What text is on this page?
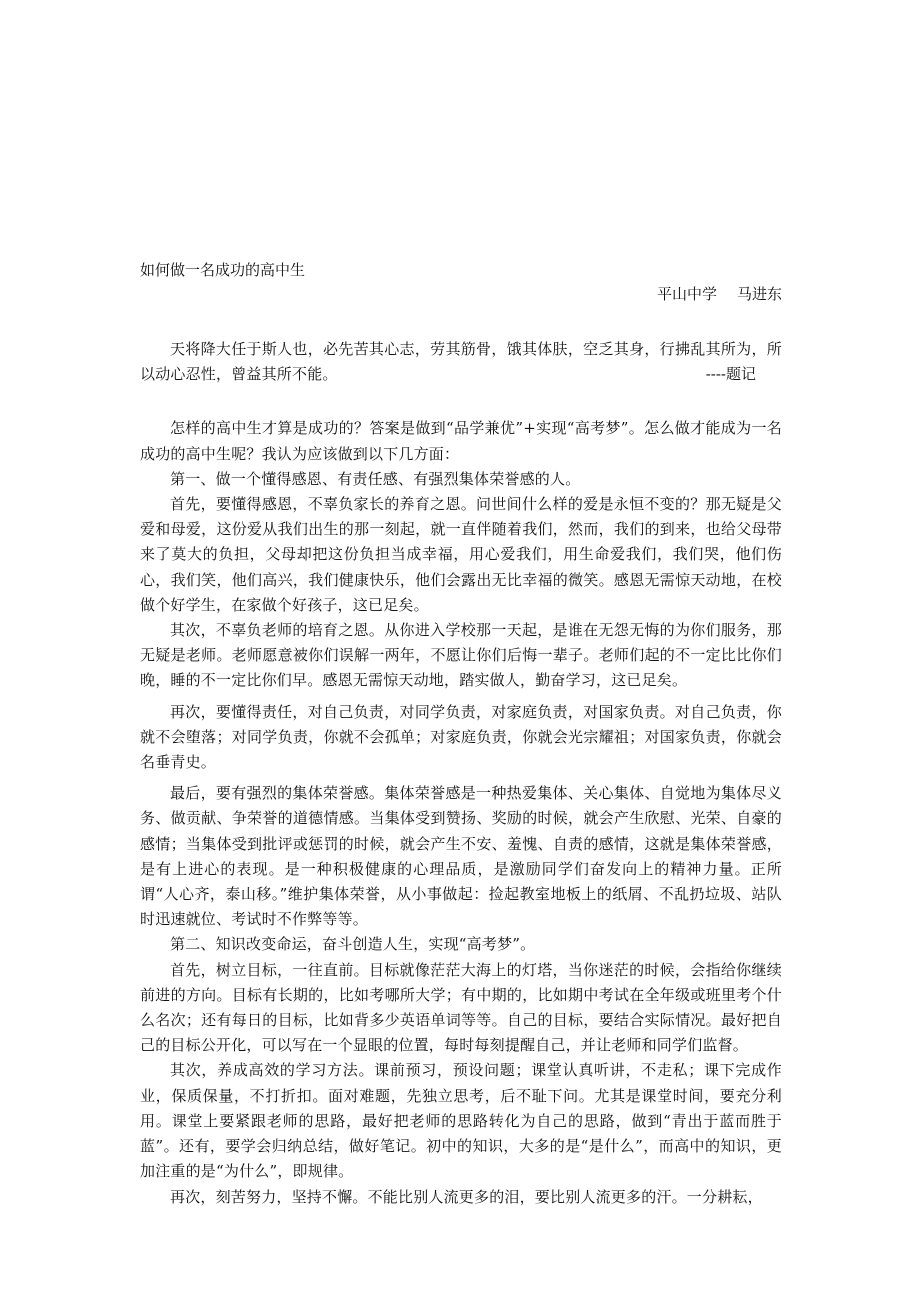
如何做一名成功的高中生
平山中学 马进东

天将降大任于斯人也，必先苦其心志，劳其筋骨，饿其体肤，空乏其身，行拂乱其所为，所以动心忍性，曾益其所不能。	----题记

怎样的高中生才算是成功的？答案是做到“品学兼优”+实现“高考梦”。怎么做才能成为一名成功的高中生呢？我认为应该做到以下几方面：

第一、做一个懂得感恩、有责任感、有强烈集体荣誉感的人。

首先，要懂得感恩，不辜负家长的养育之恩。问世间什么样的爱是永恒不变的？那无疑是父爱和母爱，这份爱从我们出生的那一刻起，就一直伴随着我们，然而，我们的到来，也给父母带来了莫大的负担，父母却把这份负担当成幸福，用心爱我们，用生命爱我们，我们哭，他们伤心，我们笑，他们高兴，我们健康快乐，他们会露出无比幸福的微笑。感恩无需惊天动地，在校做个好学生，在家做个好孩子，这已足矣。

其次，不辜负老师的培育之恩。从你进入学校那一天起，是谁在无怨无悔的为你们服务，那无疑是老师。老师愿意被你们误解一两年，不愿让你们后悔一辈子。老师们起的不一定比比你们晚，睡的不一定比你们早。感恩无需惊天动地，踏实做人，勤奋学习，这已足矣。

再次，要懂得责任，对自己负责，对同学负责，对家庭负责，对国家负责。对自己负责，你就不会堕落；对同学负责，你就不会孤单；对家庭负责，你就会光宗耀祖；对国家负责，你就会名垂青史。

最后，要有强烈的集体荣誉感。集体荣誉感是一种热爱集体、关心集体、自觉地为集体尽义务、做贡献、争荣誉的道德情感。当集体受到赞扬、奖励的时候，就会产生欣慰、光荣、自豪的感情；当集体受到批评或惩罚的时候，就会产生不安、羞愧、自责的感情，这就是集体荣誉感，是有上进心的表现。是一种积极健康的心理品质，是激励同学们奋发向上的精神力量。正所谓“人心齐，泰山移。”维护集体荣誉，从小事做起：捡起教室地板上的纸屑、不乱扔垃圾、站队时迅速就位、考试时不作弊等等。

第二、知识改变命运，奋斗创造人生，实现“高考梦”。

首先，树立目标，一往直前。目标就像茫茫大海上的灯塔，当你迷茫的时候，会指给你继续前进的方向。目标有长期的，比如考哪所大学；有中期的，比如期中考试在全年级或班里考个什么名次；还有每日的目标，比如背多少英语单词等等。自己的目标，要结合实际情况。最好把自己的目标公开化，可以写在一个显眼的位置，每时每刻提醒自己，并让老师和同学们监督。

其次，养成高效的学习方法。课前预习，预设问题；课堂认真听讲，不走私；课下完成作业，保质保量，不打折扣。面对难题，先独立思考，后不耻下问。尤其是课堂时间，要充分利用。课堂上要紧跟老师的思路，最好把老师的思路转化为自己的思路，做到“青出于蓝而胜于蓝”。还有，要学会归纳总结，做好笔记。初中的知识，大多的是“是什么”，而高中的知识，更加注重的是“为什么”，即规律。

再次，刻苦努力，坚持不懈。不能比别人流更多的泪，要比别人流更多的汗。一分耕耘，
